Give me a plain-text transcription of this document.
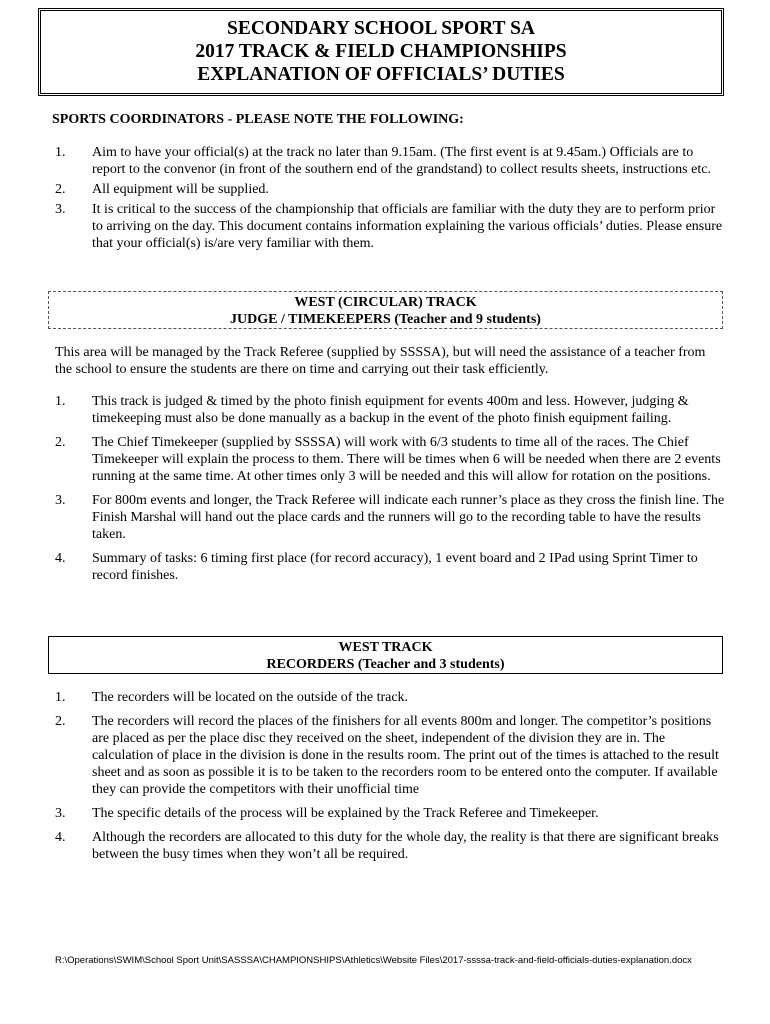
SECONDARY SCHOOL SPORT SA
2017 TRACK & FIELD CHAMPIONSHIPS
EXPLANATION OF OFFICIALS’ DUTIES
SPORTS COORDINATORS - PLEASE NOTE THE FOLLOWING:
1. Aim to have your official(s) at the track no later than 9.15am. (The first event is at 9.45am.) Officials are to report to the convenor (in front of the southern end of the grandstand) to collect results sheets, instructions etc.
2. All equipment will be supplied.
3. It is critical to the success of the championship that officials are familiar with the duty they are to perform prior to arriving on the day. This document contains information explaining the various officials’ duties. Please ensure that your official(s) is/are very familiar with them.
WEST (CIRCULAR) TRACK
JUDGE / TIMEKEEPERS (Teacher and 9 students)
This area will be managed by the Track Referee (supplied by SSSSA), but will need the assistance of a teacher from the school to ensure the students are there on time and carrying out their task efficiently.
1. This track is judged & timed by the photo finish equipment for events 400m and less. However, judging & timekeeping must also be done manually as a backup in the event of the photo finish equipment failing.
2. The Chief Timekeeper (supplied by SSSSA) will work with 6/3 students to time all of the races. The Chief Timekeeper will explain the process to them. There will be times when 6 will be needed when there are 2 events running at the same time. At other times only 3 will be needed and this will allow for rotation on the positions.
3. For 800m events and longer, the Track Referee will indicate each runner’s place as they cross the finish line. The Finish Marshal will hand out the place cards and the runners will go to the recording table to have the results taken.
4. Summary of tasks: 6 timing first place (for record accuracy), 1 event board and 2 IPad using Sprint Timer to record finishes.
WEST TRACK
RECORDERS (Teacher and 3 students)
1. The recorders will be located on the outside of the track.
2. The recorders will record the places of the finishers for all events 800m and longer. The competitor’s positions are placed as per the place disc they received on the sheet, independent of the division they are in. The calculation of place in the division is done in the results room. The print out of the times is attached to the result sheet and as soon as possible it is to be taken to the recorders room to be entered onto the computer. If available they can provide the competitors with their unofficial time
3. The specific details of the process will be explained by the Track Referee and Timekeeper.
4. Although the recorders are allocated to this duty for the whole day, the reality is that there are significant breaks between the busy times when they won’t all be required.
R:\Operations\SWIM\School Sport Unit\SASSSA\CHAMPIONSHIPS\Athletics\Website Files\2017-ssssa-track-and-field-officials-duties-explanation.docx
